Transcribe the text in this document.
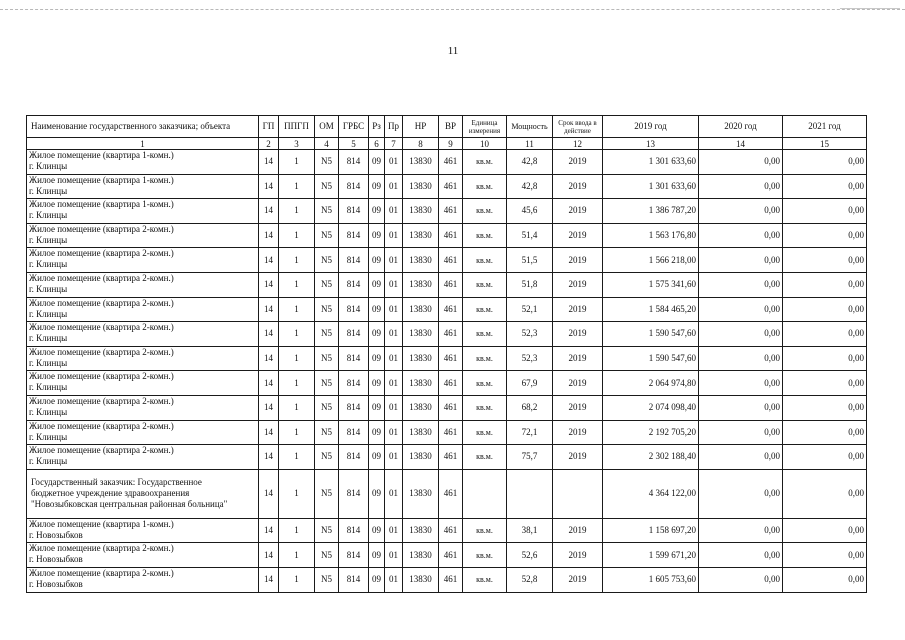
11
Наименование государственного заказчика; объекта	ГП	ППГП	ОМ	ГРБС	Рз	Пр	НР	ВР	Единица измерения	Мощность	Срок ввода в действие	2019 год	2020 год	2021 год
1	2	3	4	5	6	7	8	9	10	11	12	13	14	15

Жилое помещение (квартира 1-комн.)
г. Клинцы	14	1	N5	814	09	01	13830	461	кв.м.	42,8	2019	1 301 633,60	0,00	0,00

Жилое помещение (квартира 1-комн.)
г. Клинцы	14	1	N5	814	09	01	13830	461	кв.м.	42,8	2019	1 301 633,60	0,00	0,00

Жилое помещение (квартира 1-комн.)
г. Клинцы	14	1	N5	814	09	01	13830	461	кв.м.	45,6	2019	1 386 787,20	0,00	0,00

Жилое помещение (квартира 2-комн.)
г. Клинцы	14	1	N5	814	09	01	13830	461	кв.м.	51,4	2019	1 563 176,80	0,00	0,00

Жилое помещение (квартира 2-комн.)
г. Клинцы	14	1	N5	814	09	01	13830	461	кв.м.	51,5	2019	1 566 218,00	0,00	0,00

Жилое помещение (квартира 2-комн.)
г. Клинцы	14	1	N5	814	09	01	13830	461	кв.м.	51,8	2019	1 575 341,60	0,00	0,00

Жилое помещение (квартира 2-комн.)
г. Клинцы	14	1	N5	814	09	01	13830	461	кв.м.	52,1	2019	1 584 465,20	0,00	0,00

Жилое помещение (квартира 2-комн.)
г. Клинцы	14	1	N5	814	09	01	13830	461	кв.м.	52,3	2019	1 590 547,60	0,00	0,00

Жилое помещение (квартира 2-комн.)
г. Клинцы	14	1	N5	814	09	01	13830	461	кв.м.	52,3	2019	1 590 547,60	0,00	0,00

Жилое помещение (квартира 2-комн.)
г. Клинцы	14	1	N5	814	09	01	13830	461	кв.м.	67,9	2019	2 064 974,80	0,00	0,00

Жилое помещение (квартира 2-комн.)
г. Клинцы	14	1	N5	814	09	01	13830	461	кв.м.	68,2	2019	2 074 098,40	0,00	0,00

Жилое помещение (квартира 2-комн.)
г. Клинцы	14	1	N5	814	09	01	13830	461	кв.м.	72,1	2019	2 192 705,20	0,00	0,00

Жилое помещение (квартира 2-комн.)
г. Клинцы	14	1	N5	814	09	01	13830	461	кв.м.	75,7	2019	2 302 188,40	0,00	0,00

Государственный заказчик: Государственное
бюджетное учреждение здравоохранения
"Новозыбковская центральная районная больница"	14	1	N5	814	09	01	13830	461				4 364 122,00	0,00	0,00

Жилое помещение (квартира 1-комн.)
г. Новозыбков	14	1	N5	814	09	01	13830	461	кв.м.	38,1	2019	1 158 697,20	0,00	0,00

Жилое помещение (квартира 2-комн.)
г. Новозыбков	14	1	N5	814	09	01	13830	461	кв.м.	52,6	2019	1 599 671,20	0,00	0,00

Жилое помещение (квартира 2-комн.)
г. Новозыбков	14	1	N5	814	09	01	13830	461	кв.м.	52,8	2019	1 605 753,60	0,00	0,00
